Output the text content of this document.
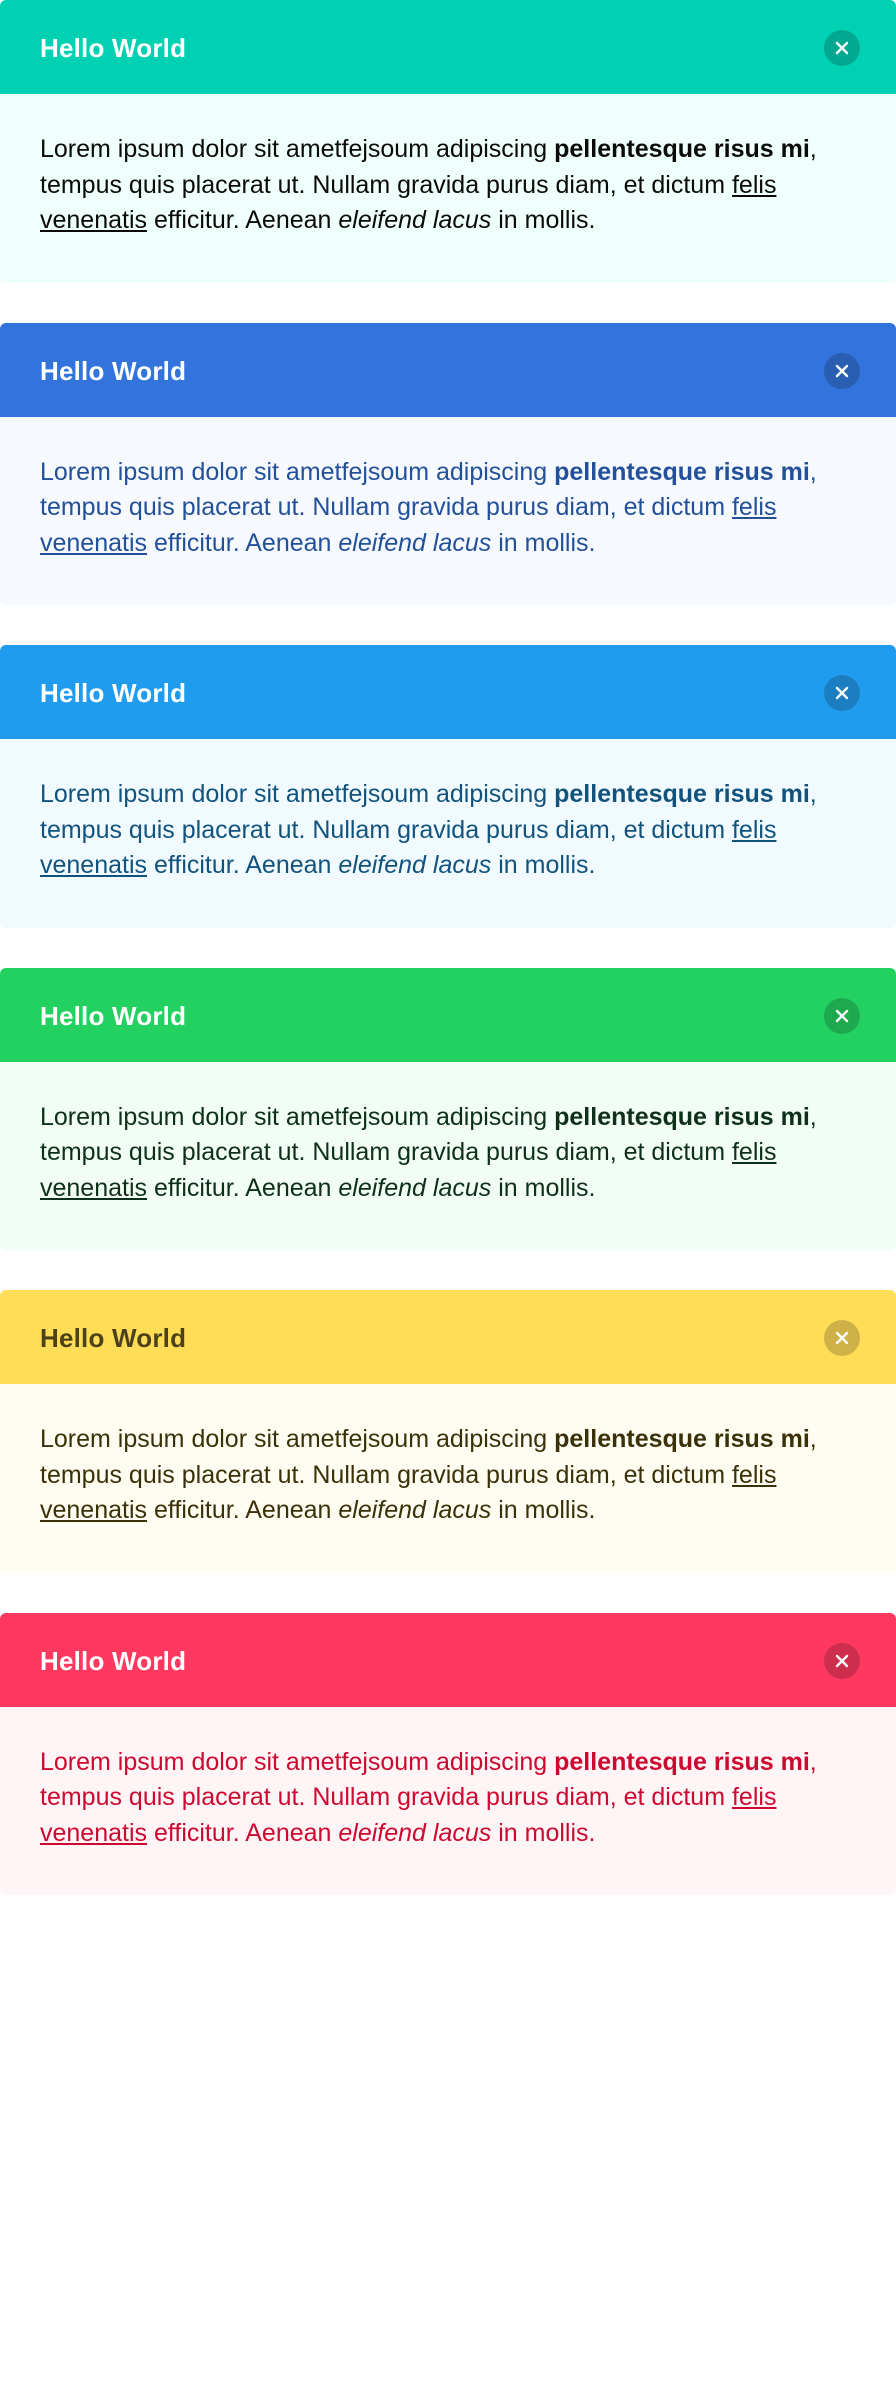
Hello World

Lorem ipsum dolor sit ametfejsoum adipiscing pellentesque risus mi, tempus quis placerat ut. Nullam gravida purus diam, et dictum felis venenatis efficitur. Aenean eleifend lacus in mollis.

Hello World

Lorem ipsum dolor sit ametfejsoum adipiscing pellentesque risus mi, tempus quis placerat ut. Nullam gravida purus diam, et dictum felis venenatis efficitur. Aenean eleifend lacus in mollis.

Hello World

Lorem ipsum dolor sit ametfejsoum adipiscing pellentesque risus mi, tempus quis placerat ut. Nullam gravida purus diam, et dictum felis venenatis efficitur. Aenean eleifend lacus in mollis.

Hello World

Lorem ipsum dolor sit ametfejsoum adipiscing pellentesque risus mi, tempus quis placerat ut. Nullam gravida purus diam, et dictum felis venenatis efficitur. Aenean eleifend lacus in mollis.

Hello World

Lorem ipsum dolor sit ametfejsoum adipiscing pellentesque risus mi, tempus quis placerat ut. Nullam gravida purus diam, et dictum felis venenatis efficitur. Aenean eleifend lacus in mollis.

Hello World

Lorem ipsum dolor sit ametfejsoum adipiscing pellentesque risus mi, tempus quis placerat ut. Nullam gravida purus diam, et dictum felis venenatis efficitur. Aenean eleifend lacus in mollis.
